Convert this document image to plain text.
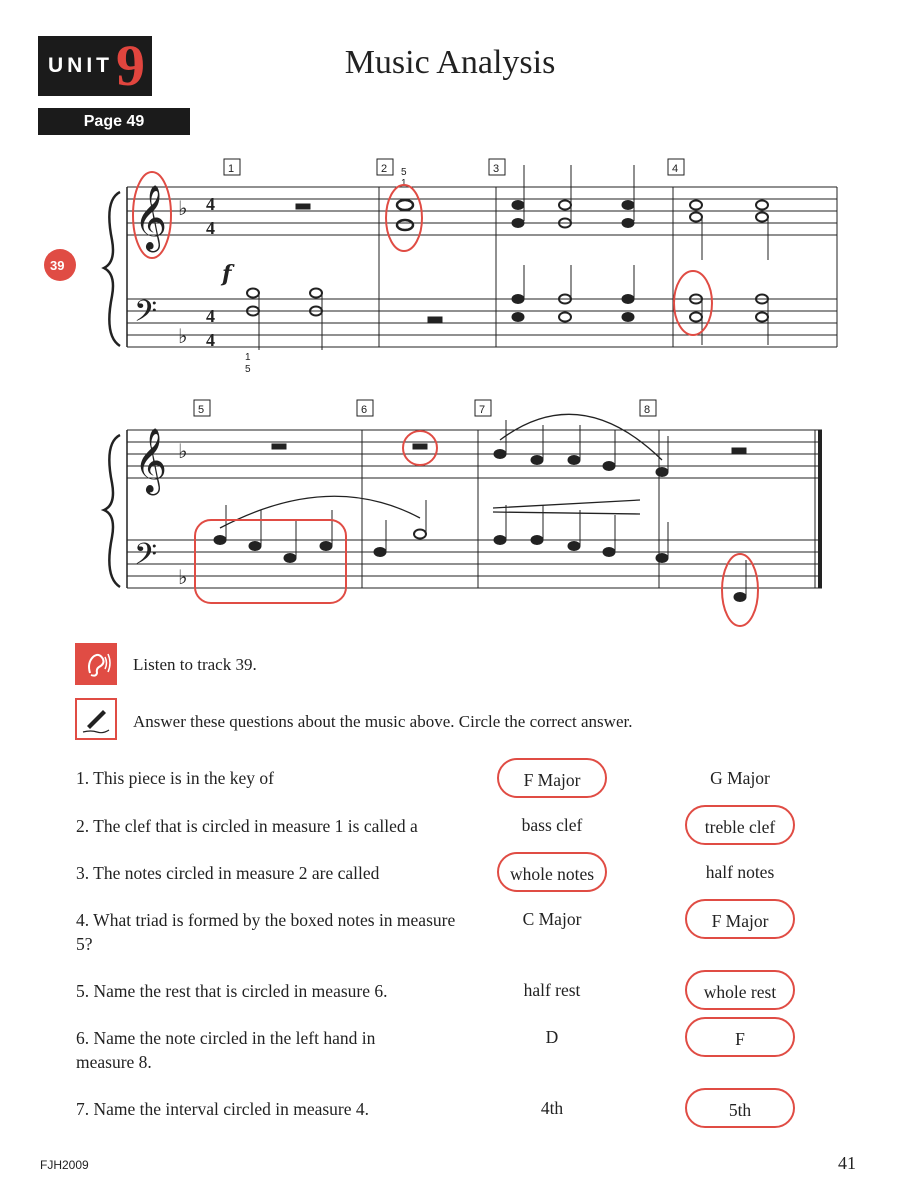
UNIT 9
Page 49
Music Analysis
1	2	3	4
5	6	7	8
5
1
1
5
𝄞
𝄢
𝄞
𝄢
♭
♭
♭
♭
4
4
4
4
f
39
Listen to track 39.
Answer these questions about the music above. Circle the correct answer.
1. This piece is in the key of	F Major	G Major
2. The clef that is circled in measure 1 is called a	bass clef	treble clef
3. The notes circled in measure 2 are called	whole notes	half notes
4. What triad is formed by the boxed notes in measure 5?
C Major	F Major
5. Name the rest that is circled in measure 6.	half rest	whole rest
6. Name the note circled in the left hand in measure 8.
D	F
7. Name the interval circled in measure 4.	4th	5th
FJH2009	41
